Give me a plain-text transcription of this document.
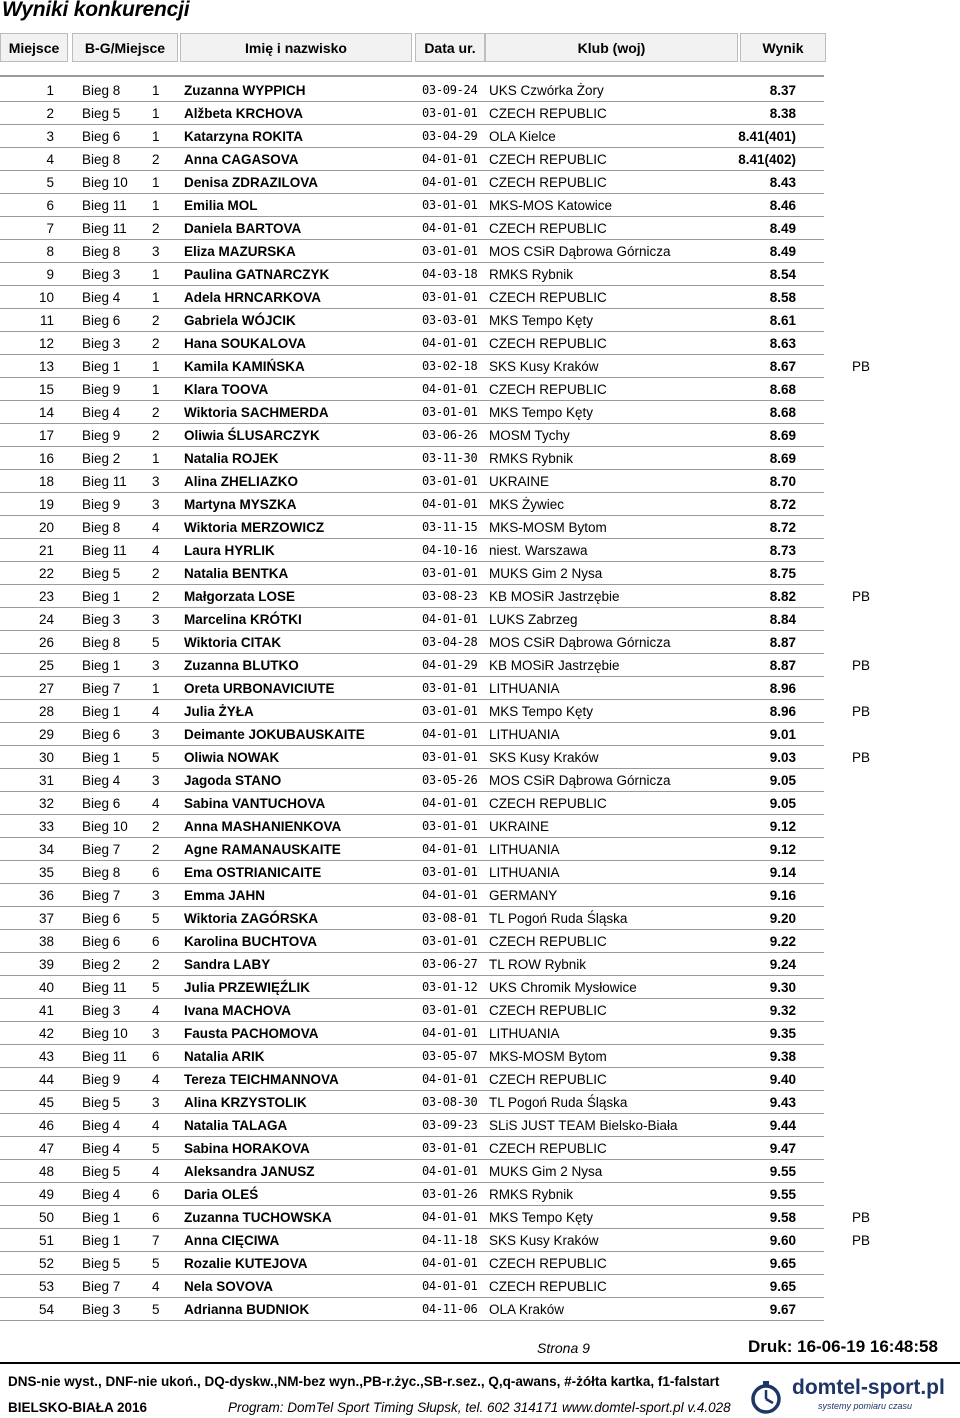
Wyniki konkurencji
Miejsce	B-G/Miejsce	Imię i nazwisko	Data ur.	Klub (woj)	Wynik
1 Bieg 8	1	Zuzanna WYPPICH	03-09-24 UKS Czwórka Żory	8.37
2 Bieg 5	1	Alžbeta KRCHOVA	03-01-01 CZECH REPUBLIC	8.38
3 Bieg 6	1	Katarzyna ROKITA	03-04-29 OLA Kielce	8.41(401)
4 Bieg 8	2	Anna CAGASOVA	04-01-01 CZECH REPUBLIC	8.41(402)
5 Bieg 10 1	Denisa ZDRAZILOVA	04-01-01 CZECH REPUBLIC	8.43
6 Bieg 11 1	Emilia MOL	03-01-01 MKS-MOS Katowice	8.46
7 Bieg 11 2	Daniela BARTOVA	04-01-01 CZECH REPUBLIC	8.49
8 Bieg 8	3	Eliza MAZURSKA	03-01-01 MOS CSiR Dąbrowa Górnicza	8.49
9 Bieg 3	1	Paulina GATNARCZYK	04-03-18 RMKS Rybnik	8.54
10 Bieg 4	1	Adela HRNCARKOVA	03-01-01 CZECH REPUBLIC	8.58
11 Bieg 6	2	Gabriela WÓJCIK	03-03-01 MKS Tempo Kęty	8.61
12 Bieg 3	2	Hana SOUKALOVA	04-01-01 CZECH REPUBLIC	8.63
13 Bieg 1	1	Kamila KAMIŃSKA	03-02-18 SKS Kusy Kraków	8.67	PB
15 Bieg 9	1	Klara TOOVA	04-01-01 CZECH REPUBLIC	8.68
14 Bieg 4	2	Wiktoria SACHMERDA	03-01-01 MKS Tempo Kęty	8.68
17 Bieg 9	2	Oliwia ŚLUSARCZYK	03-06-26 MOSM Tychy	8.69
16 Bieg 2	1	Natalia ROJEK	03-11-30 RMKS Rybnik	8.69
18 Bieg 11 3	Alina ZHELIAZKO	03-01-01 UKRAINE	8.70
19 Bieg 9	3	Martyna MYSZKA	04-01-01 MKS Żywiec	8.72
20 Bieg 8	4	Wiktoria MERZOWICZ	03-11-15 MKS-MOSM Bytom	8.72
21 Bieg 11 4	Laura HYRLIK	04-10-16 niest. Warszawa	8.73
22 Bieg 5	2	Natalia BENTKA	03-01-01 MUKS Gim 2 Nysa	8.75
23 Bieg 1	2	Małgorzata LOSE	03-08-23 KB MOSiR Jastrzębie	8.82	PB
24 Bieg 3	3	Marcelina KRÓTKI	04-01-01 LUKS Zabrzeg	8.84
26 Bieg 8	5	Wiktoria CITAK	03-04-28 MOS CSiR Dąbrowa Górnicza	8.87
25 Bieg 1	3	Zuzanna BLUTKO	04-01-29 KB MOSiR Jastrzębie	8.87	PB
27 Bieg 7	1	Oreta URBONAVICIUTE	03-01-01 LITHUANIA	8.96
28 Bieg 1	4	Julia ŻYŁA	03-01-01 MKS Tempo Kęty	8.96	PB
29 Bieg 6	3	Deimante JOKUBAUSKAITE	04-01-01 LITHUANIA	9.01
30 Bieg 1	5	Oliwia NOWAK	03-01-01 SKS Kusy Kraków	9.03	PB
31 Bieg 4	3	Jagoda STANO	03-05-26 MOS CSiR Dąbrowa Górnicza	9.05
32 Bieg 6	4	Sabina VANTUCHOVA	04-01-01 CZECH REPUBLIC	9.05
33 Bieg 10 2	Anna MASHANIENKOVA	03-01-01 UKRAINE	9.12
34 Bieg 7	2	Agne RAMANAUSKAITE	04-01-01 LITHUANIA	9.12
35 Bieg 8	6	Ema OSTRIANICAITE	03-01-01 LITHUANIA	9.14
36 Bieg 7	3	Emma JAHN	04-01-01 GERMANY	9.16
37 Bieg 6	5	Wiktoria ZAGÓRSKA	03-08-01 TL Pogoń Ruda Śląska	9.20
38 Bieg 6	6	Karolina BUCHTOVA	03-01-01 CZECH REPUBLIC	9.22
39 Bieg 2	2	Sandra LABY	03-06-27 TL ROW Rybnik	9.24
40 Bieg 11 5	Julia PRZEWIĘŹLIK	03-01-12 UKS Chromik Mysłowice	9.30
41 Bieg 3	4	Ivana MACHOVA	03-01-01 CZECH REPUBLIC	9.32
42 Bieg 10 3	Fausta PACHOMOVA	04-01-01 LITHUANIA	9.35
43 Bieg 11 6	Natalia ARIK	03-05-07 MKS-MOSM Bytom	9.38
44 Bieg 9	4	Tereza TEICHMANNOVA	04-01-01 CZECH REPUBLIC	9.40
45 Bieg 5	3	Alina KRZYSTOLIK	03-08-30 TL Pogoń Ruda Śląska	9.43
46 Bieg 4	4	Natalia TALAGA	03-09-23 SLiS JUST TEAM Bielsko-Biała	9.44
47 Bieg 4	5	Sabina HORAKOVA	03-01-01 CZECH REPUBLIC	9.47
48 Bieg 5	4	Aleksandra JANUSZ	04-01-01 MUKS Gim 2 Nysa	9.55
49 Bieg 4	6	Daria OLEŚ	03-01-26 RMKS Rybnik	9.55
50 Bieg 1	6	Zuzanna TUCHOWSKA	04-01-01 MKS Tempo Kęty	9.58	PB
51 Bieg 1	7	Anna CIĘCIWA	04-11-18 SKS Kusy Kraków	9.60	PB
52 Bieg 5	5	Rozalie KUTEJOVA	04-01-01 CZECH REPUBLIC	9.65
53 Bieg 7	4	Nela SOVOVA	04-01-01 CZECH REPUBLIC	9.65
54 Bieg 3	5	Adrianna BUDNIOK	04-11-06 OLA Kraków	9.67
Strona 9	Druk: 16-06-19 16:48:58
DNS-nie wyst., DNF-nie ukoń., DQ-dyskw.,NM-bez wyn.,PB-r.życ.,SB-r.sez., Q,q-awans, #-żółta kartka, f1-falstart
BIELSKO-BIAŁA 2016	Program: DomTel Sport Timing Słupsk, tel. 602 314171 www.domtel-sport.pl v.4.028
domtel-sport.pl
systemy pomiaru czasu
